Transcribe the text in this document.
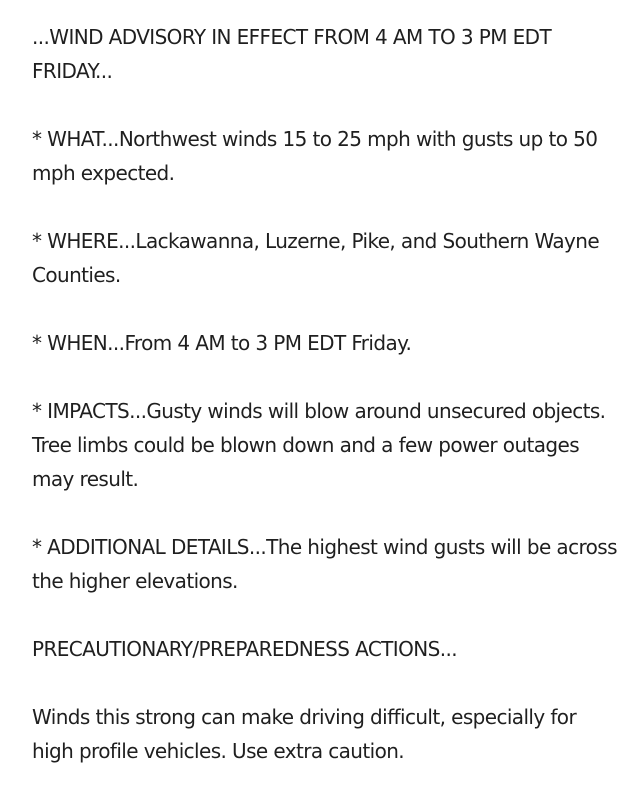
...WIND ADVISORY IN EFFECT FROM 4 AM TO 3 PM EDT FRIDAY...

* WHAT...Northwest winds 15 to 25 mph with gusts up to 50 mph expected.

* WHERE...Lackawanna, Luzerne, Pike, and Southern Wayne Counties.

* WHEN...From 4 AM to 3 PM EDT Friday.

* IMPACTS...Gusty winds will blow around unsecured objects. Tree limbs could be blown down and a few power outages may result.

* ADDITIONAL DETAILS...The highest wind gusts will be across the higher elevations.

PRECAUTIONARY/PREPAREDNESS ACTIONS...

Winds this strong can make driving difficult, especially for high profile vehicles. Use extra caution.
